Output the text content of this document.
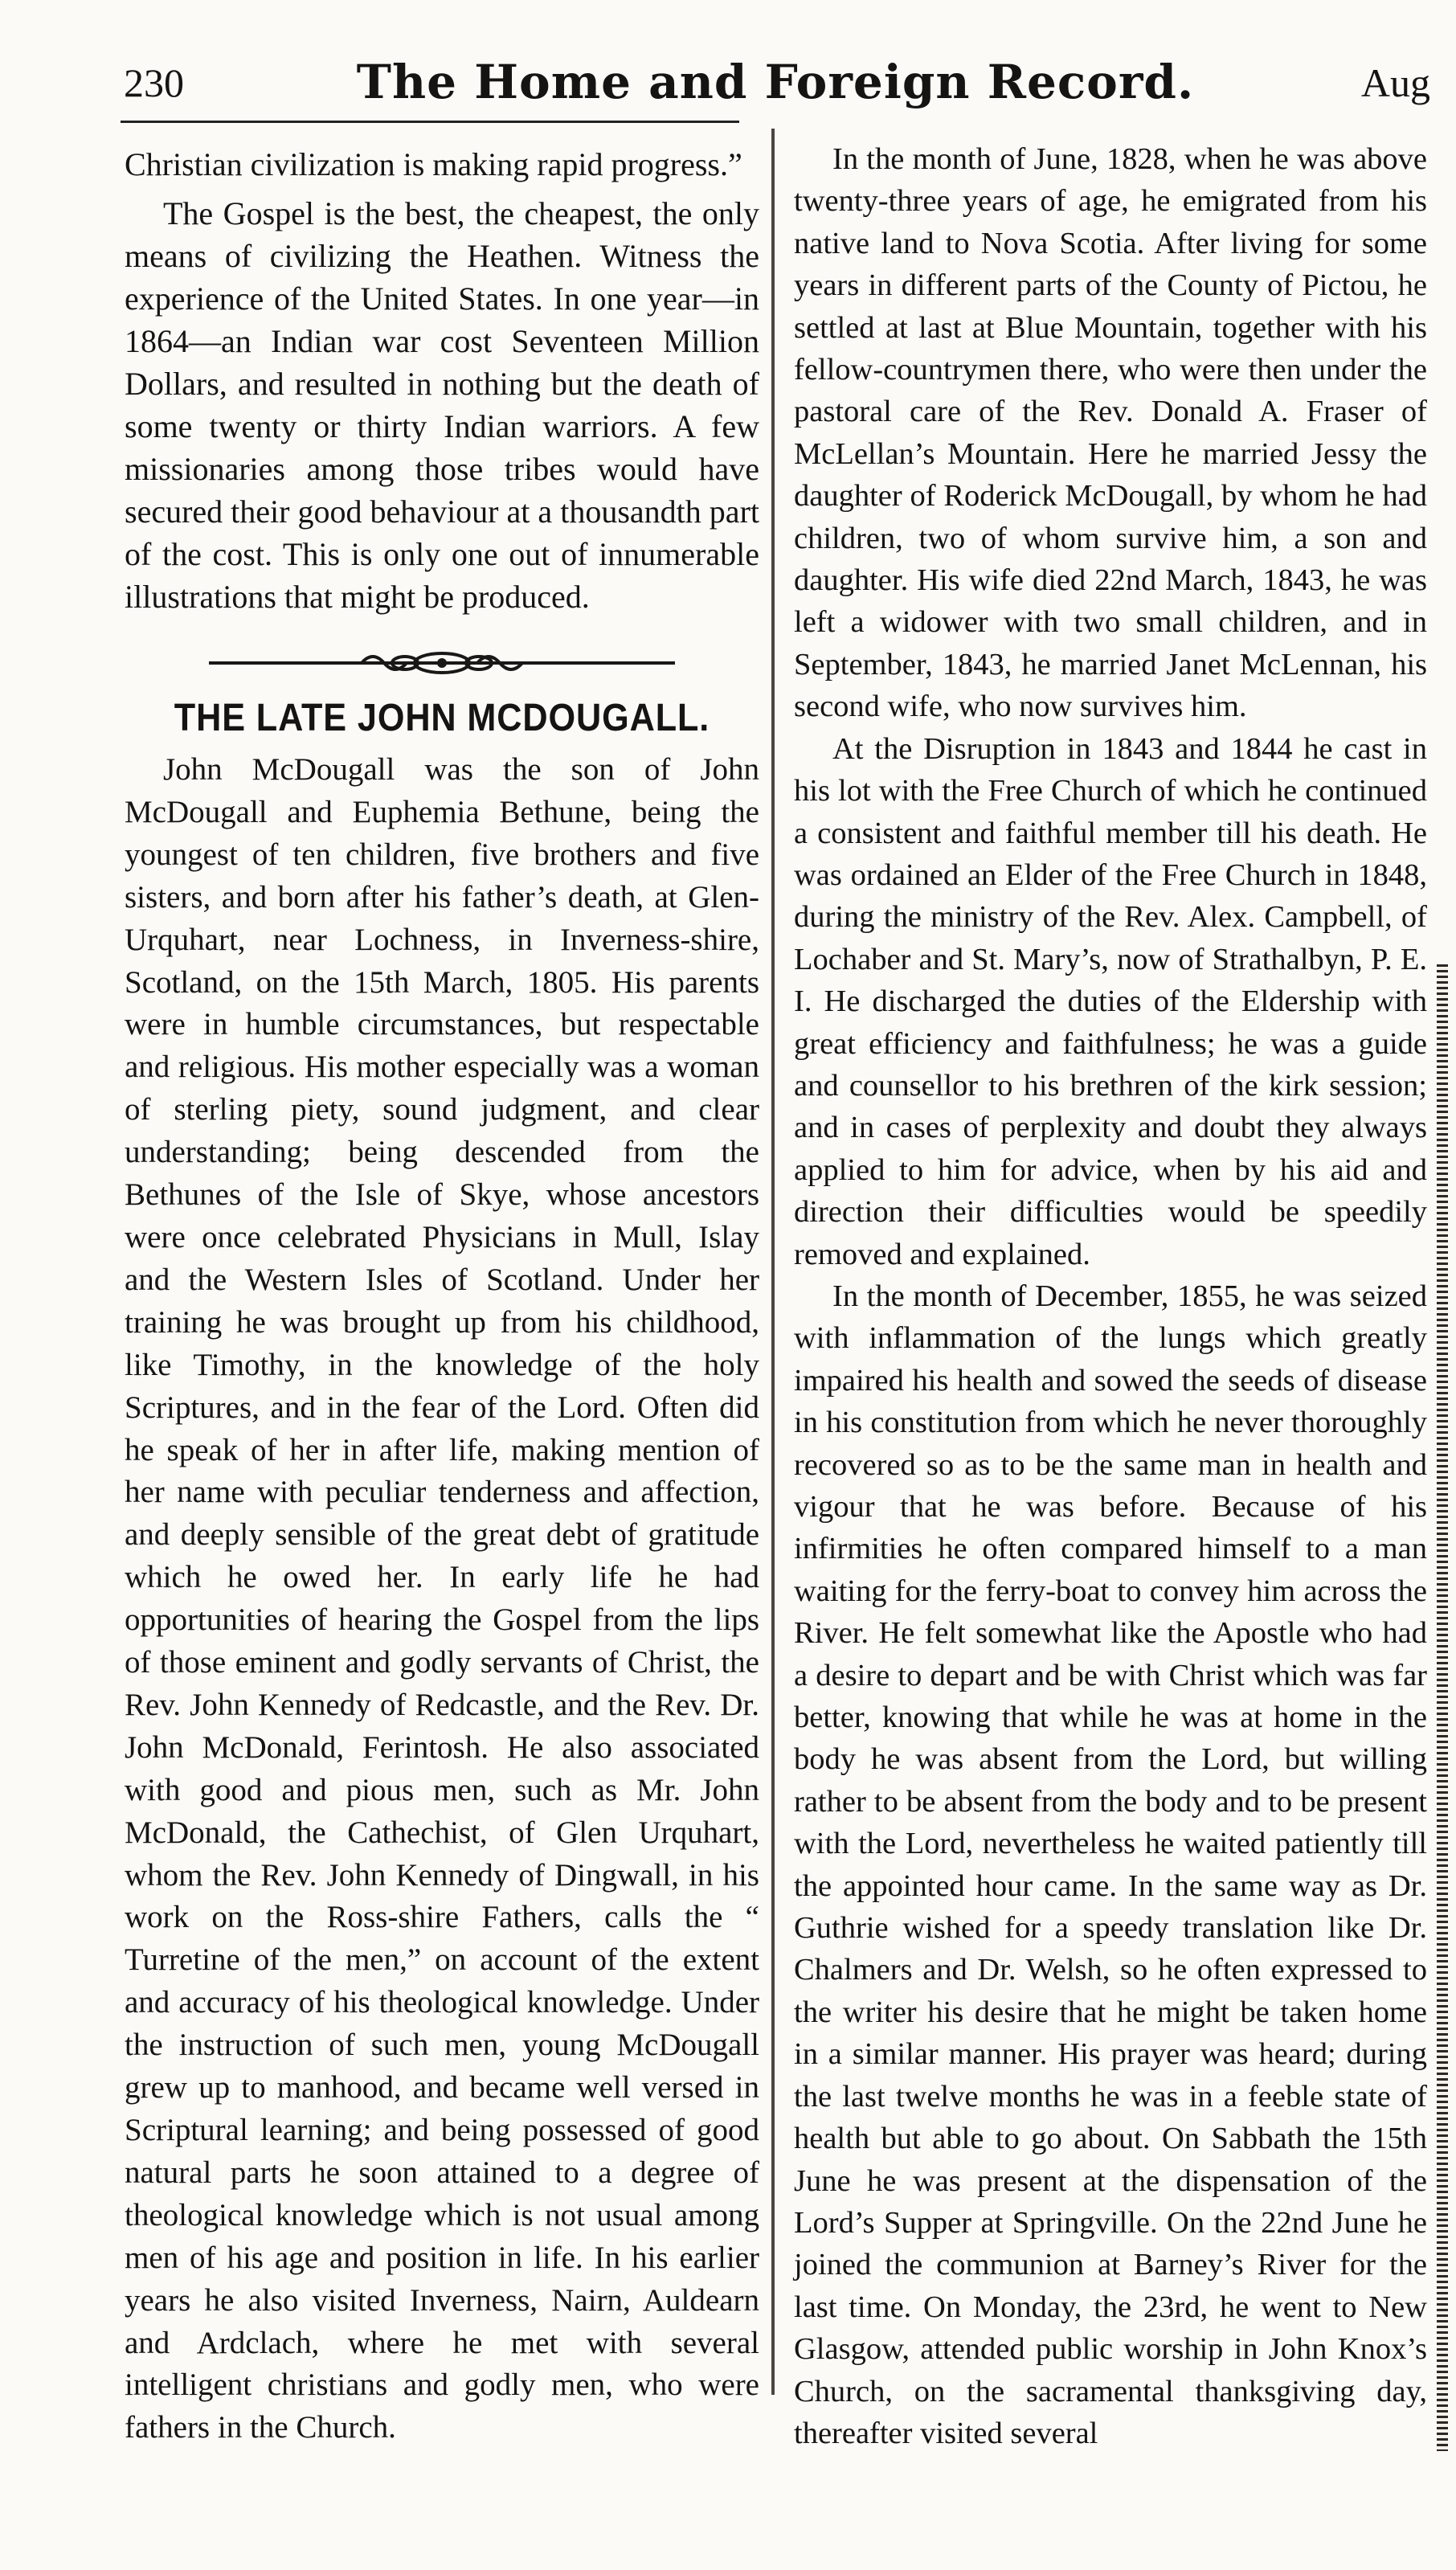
230	The Home and Foreign Record.	Aug

Christian civilization is making rapid progress.”

The Gospel is the best, the cheapest, the only means of civilizing the Heathen. Witness the experience of the United States. In one year—in 1864—an Indian war cost Seventeen Million Dollars, and resulted in nothing but the death of some twenty or thirty Indian warriors. A few missionaries among those tribes would have secured their good behaviour at a thousandth part of the cost. This is only one out of innumerable illustrations that might be produced.

THE LATE JOHN MCDOUGALL.

John McDougall was the son of John McDougall and Euphemia Bethune, being the youngest of ten children, five brothers and five sisters, and born after his father’s death, at Glen-Urquhart, near Lochness, in Inverness-shire, Scotland, on the 15th March, 1805. His parents were in humble circumstances, but respectable and religious. His mother especially was a woman of sterling piety, sound judgment, and clear understanding; being descended from the Bethunes of the Isle of Skye, whose ancestors were once celebrated Physicians in Mull, Islay and the Western Isles of Scotland. Under her training he was brought up from his childhood, like Timothy, in the knowledge of the holy Scriptures, and in the fear of the Lord. Often did he speak of her in after life, making mention of her name with peculiar tenderness and affection, and deeply sensible of the great debt of gratitude which he owed her. In early life he had opportunities of hearing the Gospel from the lips of those eminent and godly servants of Christ, the Rev. John Kennedy of Redcastle, and the Rev. Dr. John McDonald, Ferintosh. He also associated with good and pious men, such as Mr. John McDonald, the Cathechist, of Glen Urquhart, whom the Rev. John Kennedy of Dingwall, in his work on the Ross-shire Fathers, calls the “ Turretine of the men,” on account of the extent and accuracy of his theological knowledge. Under the instruction of such men, young McDougall grew up to manhood, and became well versed in Scriptural learning; and being possessed of good natural parts he soon attained to a degree of theological knowledge which is not usual among men of his age and position in life. In his earlier years he also visited Inverness, Nairn, Auldearn and Ardclach, where he met with several intelligent christians and godly men, who were fathers in the Church.

In the month of June, 1828, when he was above twenty-three years of age, he emigrated from his native land to Nova Scotia. After living for some years in different parts of the County of Pictou, he settled at last at Blue Mountain, together with his fellow-countrymen there, who were then under the pastoral care of the Rev. Donald A. Fraser of McLellan’s Mountain. Here he married Jessy the daughter of Roderick McDougall, by whom he had children, two of whom survive him, a son and daughter. His wife died 22nd March, 1843, he was left a widower with two small children, and in September, 1843, he married Janet McLennan, his second wife, who now survives him.

At the Disruption in 1843 and 1844 he cast in his lot with the Free Church of which he continued a consistent and faithful member till his death. He was ordained an Elder of the Free Church in 1848, during the ministry of the Rev. Alex. Campbell, of Lochaber and St. Mary’s, now of Strathalbyn, P. E. I. He discharged the duties of the Eldership with great efficiency and faithfulness; he was a guide and counsellor to his brethren of the kirk session; and in cases of perplexity and doubt they always applied to him for advice, when by his aid and direction their difficulties would be speedily removed and explained.

In the month of December, 1855, he was seized with inflammation of the lungs which greatly impaired his health and sowed the seeds of disease in his constitution from which he never thoroughly recovered so as to be the same man in health and vigour that he was before. Because of his infirmities he often compared himself to a man waiting for the ferry-boat to convey him across the River. He felt somewhat like the Apostle who had a desire to depart and be with Christ which was far better, knowing that while he was at home in the body he was absent from the Lord, but willing rather to be absent from the body and to be present with the Lord, nevertheless he waited patiently till the appointed hour came. In the same way as Dr. Guthrie wished for a speedy translation like Dr. Chalmers and Dr. Welsh, so he often expressed to the writer his desire that he might be taken home in a similar manner. His prayer was heard; during the last twelve months he was in a feeble state of health but able to go about. On Sabbath the 15th June he was present at the dispensation of the Lord’s Supper at Springville. On the 22nd June he joined the communion at Barney’s River for the last time. On Monday, the 23rd, he went to New Glasgow, attended public worship in John Knox’s Church, on the sacramental thanksgiving day, thereafter visited several
